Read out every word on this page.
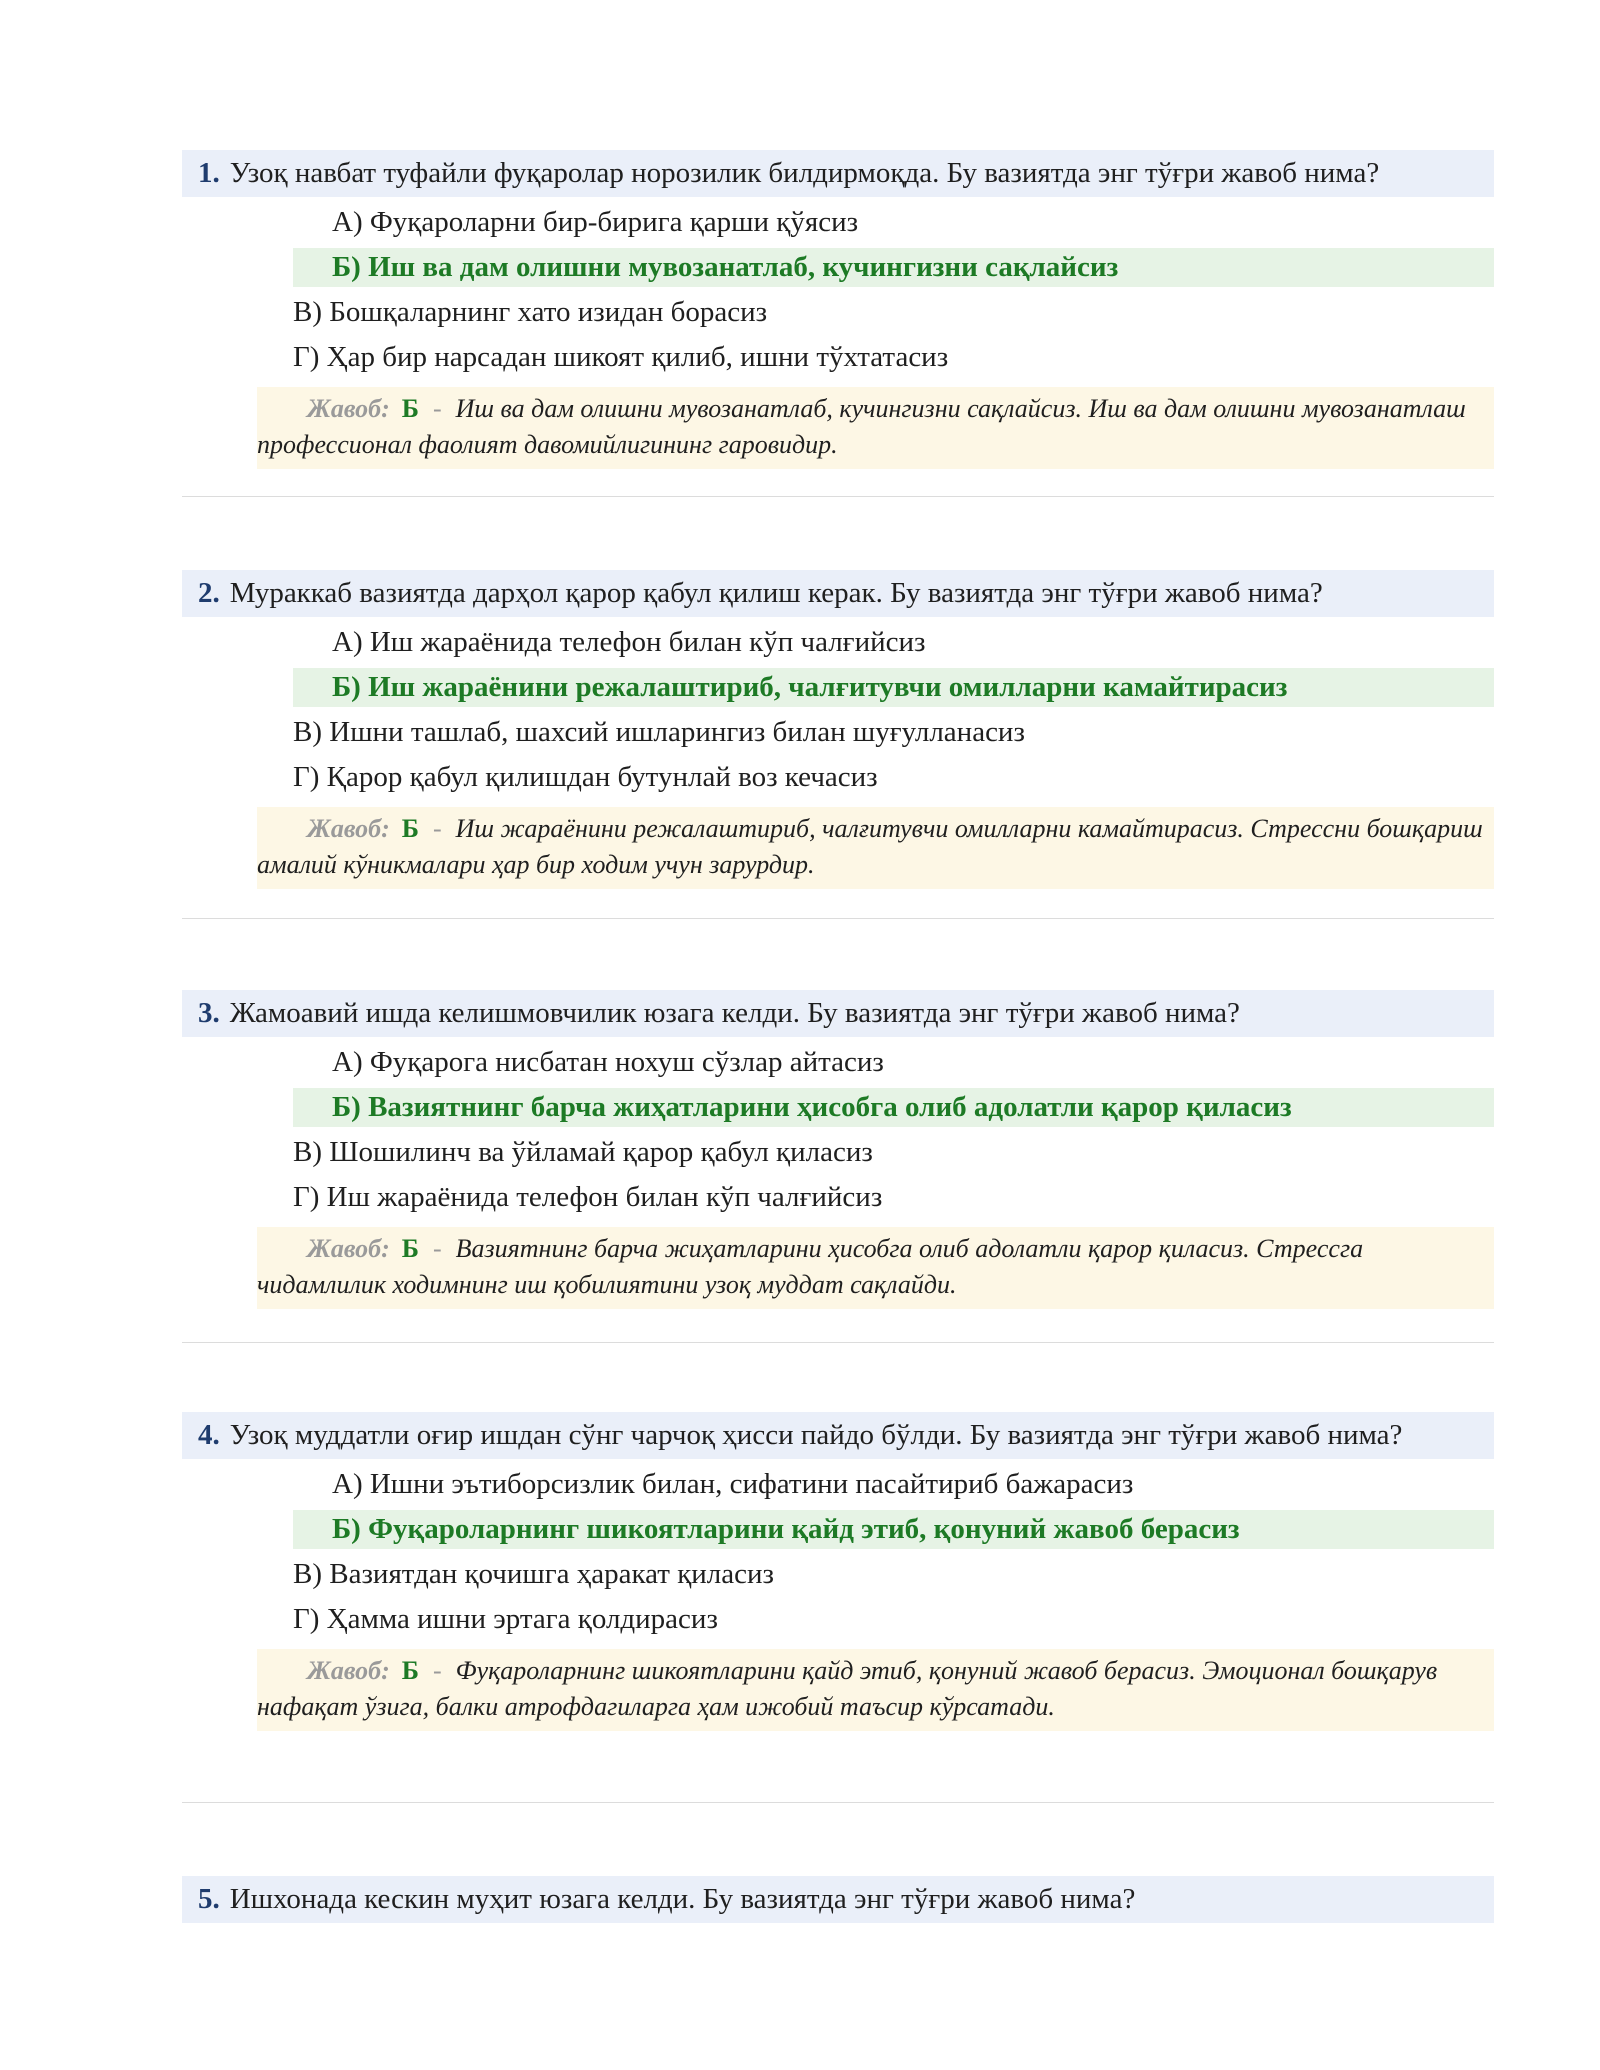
1. Узоқ навбат туфайли фуқаролар норозилик билдирмоқда. Бу вазиятда энг тўғри жавоб нима?
А) Фуқароларни бир-бирига қарши қўясиз
Б) Иш ва дам олишни мувозанатлаб, кучингизни сақлайсиз
В) Бошқаларнинг хато изидан борасиз
Г) Ҳар бир нарсадан шикоят қилиб, ишни тўхтатасиз
Жавоб: Б - Иш ва дам олишни мувозанатлаб, кучингизни сақлайсиз. Иш ва дам олишни мувозанатлаш профессионал фаолият давомийлигининг гаровидир.
2. Мураккаб вазиятда дарҳол қарор қабул қилиш керак. Бу вазиятда энг тўғри жавоб нима?
А) Иш жараёнида телефон билан кўп чалғийсиз
Б) Иш жараёнини режалаштириб, чалғитувчи омилларни камайтирасиз
В) Ишни ташлаб, шахсий ишларингиз билан шуғулланасиз
Г) Қарор қабул қилишдан бутунлай воз кечасиз
Жавоб: Б - Иш жараёнини режалаштириб, чалғитувчи омилларни камайтирасиз. Стрессни бошқариш амалий кўникмалари ҳар бир ходим учун зарурдир.
3. Жамоавий ишда келишмовчилик юзага келди. Бу вазиятда энг тўғри жавоб нима?
А) Фуқарога нисбатан нохуш сўзлар айтасиз
Б) Вазиятнинг барча жиҳатларини ҳисобга олиб адолатли қарор қиласиз
В) Шошилинч ва ўйламай қарор қабул қиласиз
Г) Иш жараёнида телефон билан кўп чалғийсиз
Жавоб: Б - Вазиятнинг барча жиҳатларини ҳисобга олиб адолатли қарор қиласиз. Стрессга чидамлилик ходимнинг иш қобилиятини узоқ муддат сақлайди.
4. Узоқ муддатли оғир ишдан сўнг чарчоқ ҳисси пайдо бўлди. Бу вазиятда энг тўғри жавоб нима?
А) Ишни эътиборсизлик билан, сифатини пасайтириб бажарасиз
Б) Фуқароларнинг шикоятларини қайд этиб, қонуний жавоб берасиз
В) Вазиятдан қочишга ҳаракат қиласиз
Г) Ҳамма ишни эртага қолдирасиз
Жавоб: Б - Фуқароларнинг шикоятларини қайд этиб, қонуний жавоб берасиз. Эмоционал бошқарув нафақат ўзига, балки атрофдагиларга ҳам ижобий таъсир кўрсатади.
5. Ишхонада кескин муҳит юзага келди. Бу вазиятда энг тўғри жавоб нима?
